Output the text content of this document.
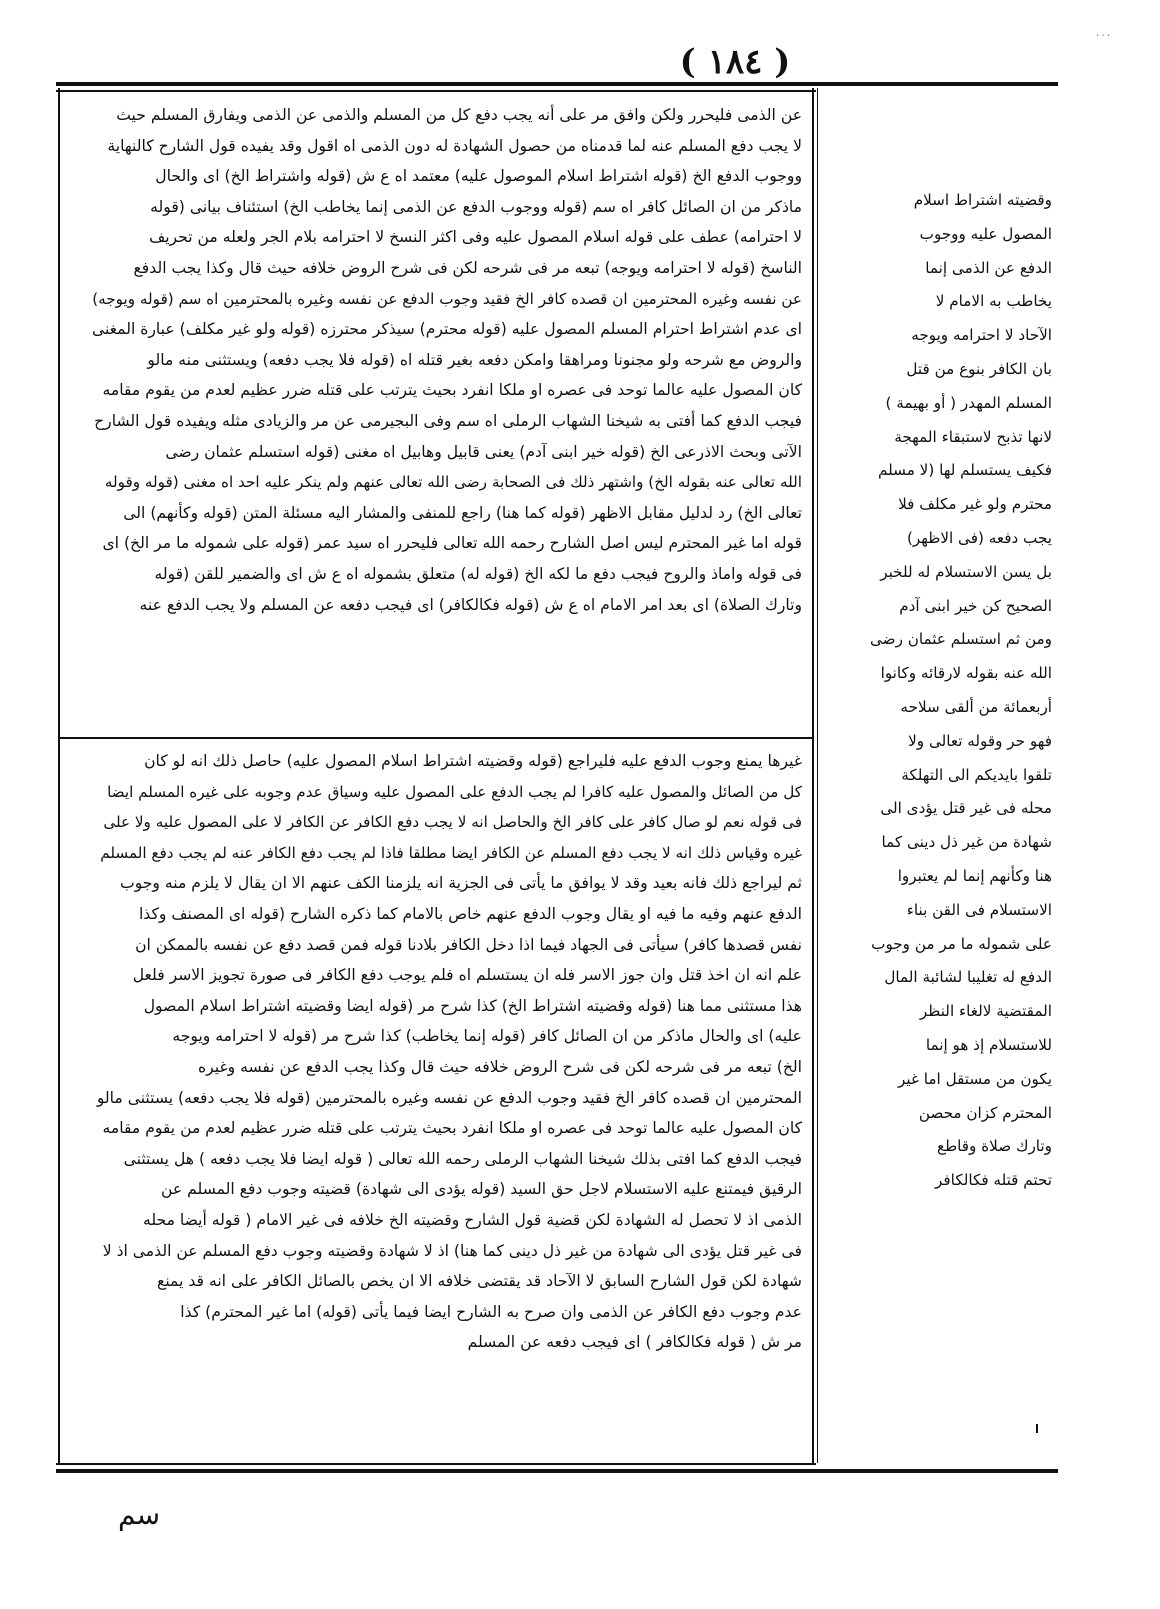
٠٠٠
( ١٨٤ )
عن الذمى فليحرر ولكن وافق مر على أنه يجب دفع كل من المسلم والذمى عن الذمى ويفارق المسلم حيث
لا يجب دفع المسلم عنه لما قدمناه من حصول الشهادة له دون الذمى اه اقول وقد يفيده قول الشارح كالنهاية
ووجوب الدفع الخ (قوله اشتراط اسلام الموصول عليه) معتمد اه ع ش (قوله واشتراط الخ) اى والحال
ماذكر من ان الصائل كافر اه سم (قوله ووجوب الدفع عن الذمى إنما يخاطب الخ) استئناف بيانى (قوله
لا احترامه) عطف على قوله اسلام المصول عليه وفى اكثر النسخ لا احترامه بلام الجر ولعله من تحريف
الناسخ (قوله لا احترامه ويوجه) تبعه مر فى شرحه لكن فى شرح الروض خلافه حيث قال وكذا يجب الدفع
عن نفسه وغيره المحترمين ان قصده كافر الخ فقيد وجوب الدفع عن نفسه وغيره بالمحترمين اه سم (قوله ويوجه)
اى عدم اشتراط احترام المسلم المصول عليه (قوله محترم) سيذكر محترزه (قوله ولو غير مكلف) عبارة المغنى
والروض مع شرحه ولو مجنونا ومراهقا وامكن دفعه بغير قتله اه (قوله فلا يجب دفعه) ويستثنى منه مالو
كان المصول عليه عالما توحد فى عصره او ملكا انفرد بحيث يترتب على قتله ضرر عظيم لعدم من يقوم مقامه
فيجب الدفع كما أفتى به شيخنا الشهاب الرملى اه سم وفى البجيرمى عن مر والزيادى مثله ويفيده قول الشارح
الآتى وبحث الاذرعى الخ (قوله خير ابنى آدم) يعنى قابيل وهابيل اه مغنى (قوله استسلم عثمان رضى
الله تعالى عنه بقوله الخ) واشتهر ذلك فى الصحابة رضى الله تعالى عنهم ولم ينكر عليه احد اه مغنى (قوله وقوله
تعالى الخ) رد لدليل مقابل الاظهر (قوله كما هنا) راجع للمنفى والمشار اليه مسئلة المتن (قوله وكأنهم) الى
قوله اما غير المحترم ليس اصل الشارح رحمه الله تعالى فليحرر اه سيد عمر (قوله على شموله ما مر الخ) اى
فى قوله واماذ والروح فيجب دفع ما لكه الخ (قوله له) متعلق بشموله اه ع ش اى والضمير للقن (قوله
وتارك الصلاة) اى بعد امر الامام اه ع ش (قوله فكالكافر) اى فيجب دفعه عن المسلم ولا يجب الدفع عنه
غيرها يمنع وجوب الدفع عليه فليراجع (قوله وقضيته اشتراط اسلام المصول عليه) حاصل ذلك انه لو كان
كل من الصائل والمصول عليه كافرا لم يجب الدفع على المصول عليه وسياق عدم وجوبه على غيره المسلم ايضا
فى قوله نعم لو صال كافر على كافر الخ والحاصل انه لا يجب دفع الكافر عن الكافر لا على المصول عليه ولا على
غيره وقياس ذلك انه لا يجب دفع المسلم عن الكافر ايضا مطلقا فاذا لم يجب دفع الكافر عنه لم يجب دفع المسلم
ثم ليراجع ذلك فانه بعيد وقد لا يوافق ما يأتى فى الجزية انه يلزمنا الكف عنهم الا ان يقال لا يلزم منه وجوب
الدفع عنهم وفيه ما فيه او يقال وجوب الدفع عنهم خاص بالامام كما ذكره الشارح (قوله اى المصنف وكذا
نفس قصدها كافر) سيأتى فى الجهاد فيما اذا دخل الكافر بلادنا قوله فمن قصد دفع عن نفسه بالممكن ان
علم انه ان اخذ قتل وان جوز الاسر فله ان يستسلم اه فلم يوجب دفع الكافر فى صورة تجويز الاسر فلعل
هذا مستثنى مما هنا (قوله وقضيته اشتراط الخ) كذا شرح مر (قوله ايضا وقضيته اشتراط اسلام المصول
عليه) اى والحال ماذكر من ان الصائل كافر (قوله إنما يخاطب) كذا شرح مر (قوله لا احترامه ويوجه
الخ) تبعه مر فى شرحه لكن فى شرح الروض خلافه حيث قال وكذا يجب الدفع عن نفسه وغيره
المحترمين ان قصده كافر الخ فقيد وجوب الدفع عن نفسه وغيره بالمحترمين (قوله فلا يجب دفعه) يستثنى مالو
كان المصول عليه عالما توحد فى عصره او ملكا انفرد بحيث يترتب على قتله ضرر عظيم لعدم من يقوم مقامه
فيجب الدفع كما افتى بذلك شيخنا الشهاب الرملى رحمه الله تعالى ( قوله ايضا فلا يجب دفعه ) هل يستثنى
الرقيق فيمتنع عليه الاستسلام لاجل حق السيد (قوله يؤدى الى شهادة) قضيته وجوب دفع المسلم عن
الذمى اذ لا تحصل له الشهادة لكن قضية قول الشارح وقضيته الخ خلافه فى غير الامام ( قوله أيضا محله
فى غير قتل يؤدى الى شهادة من غير ذل دينى كما هنا) اذ لا شهادة وقضيته وجوب دفع المسلم عن الذمى اذ لا
شهادة لكن قول الشارح السابق لا الآحاد قد يقتضى خلافه الا ان يخص بالصائل الكافر على انه قد يمنع
عدم وجوب دفع الكافر عن الذمى وان صرح به الشارح ايضا فيما يأتى (قوله) اما غير المحترم) كذا
مر ش ( قوله فكالكافر ) اى فيجب دفعه عن المسلم
وقضيته اشتراط اسلام
المصول عليه ووجوب
الدفع عن الذمى إنما
يخاطب به الامام لا
الآحاد لا احترامه ويوجه
بان الكافر بنوع من قتل
المسلم المهدر ( أو بهيمة )
لانها تذبح لاستبقاء المهجة
فكيف يستسلم لها (لا مسلم
محترم ولو غير مكلف فلا
يجب دفعه (فى الاظهر)
بل يسن الاستسلام له للخبر
الصحيح كن خير ابنى آدم
ومن ثم استسلم عثمان رضى
الله عنه بقوله لارقائه وكانوا
أربعمائة من ألقى سلاحه
فهو حر وقوله تعالى ولا
تلقوا بايديكم الى التهلكة
محله فى غير قتل يؤدى الى
شهادة من غير ذل دينى كما
هنا وكأنهم إنما لم يعتبروا
الاستسلام فى القن بناء
على شموله ما مر من وجوب
الدفع له تغليبا لشائبة المال
المقتضية لالغاء النظر
للاستسلام إذ هو إنما
يكون من مستقل اما غير
المحترم كزان محصن
وتارك صلاة وقاطع
تحتم قتله فكالكافر
سم
